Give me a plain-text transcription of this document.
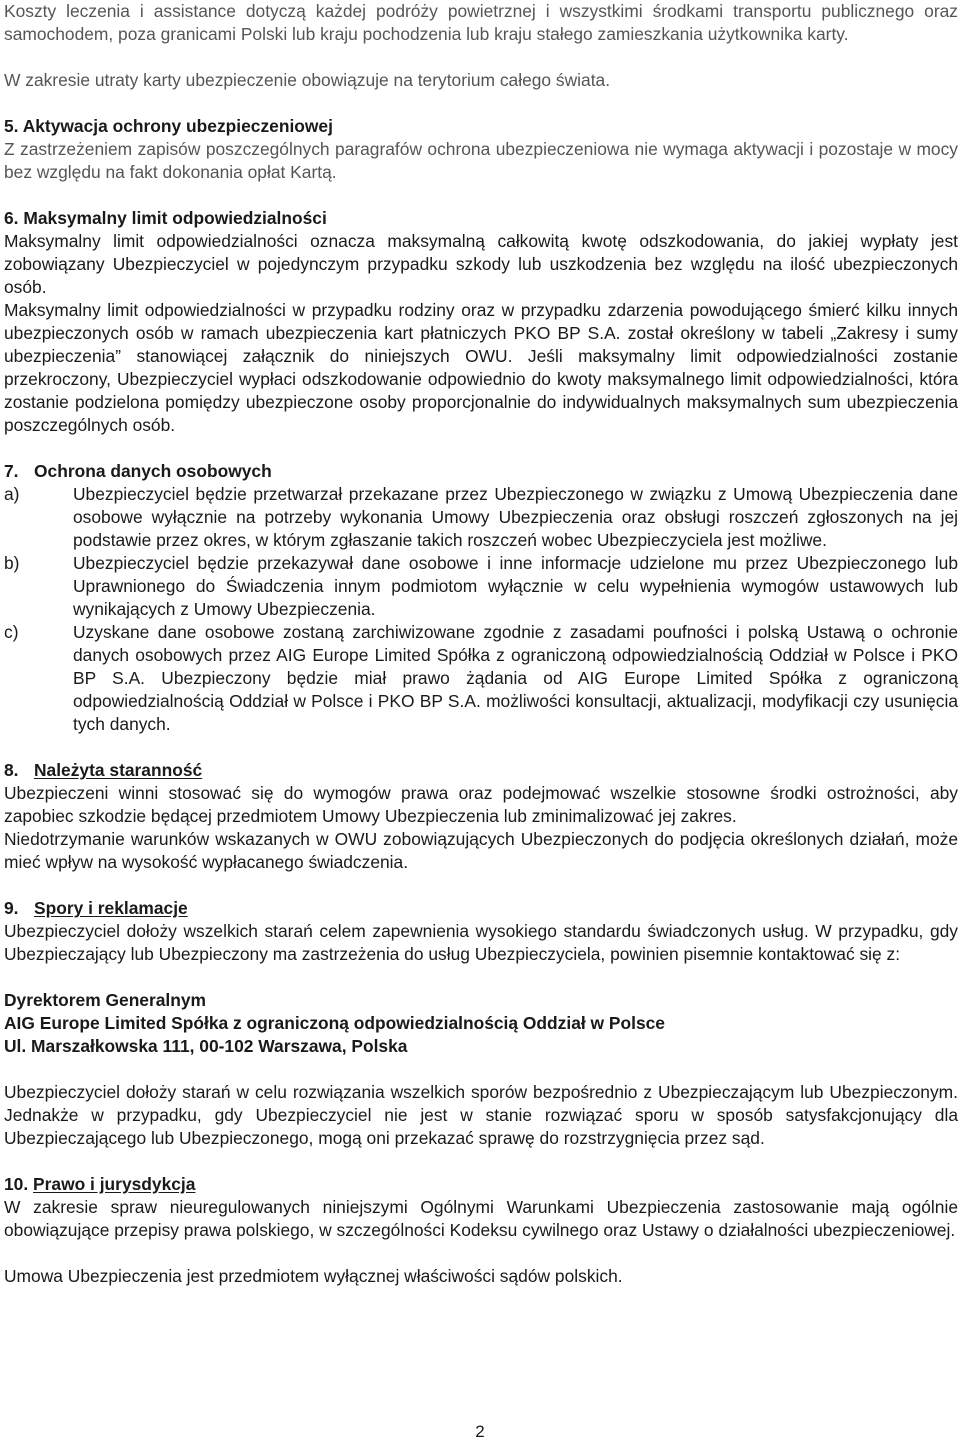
Koszty leczenia i assistance dotyczą każdej podróży powietrznej i wszystkimi środkami transportu publicznego oraz samochodem, poza granicami Polski lub kraju pochodzenia lub kraju stałego zamieszkania użytkownika karty.

W zakresie utraty karty ubezpieczenie obowiązuje na terytorium całego świata.

5. Aktywacja ochrony ubezpieczeniowej

Z zastrzeżeniem zapisów poszczególnych paragrafów ochrona ubezpieczeniowa nie wymaga aktywacji i pozostaje w mocy bez względu na fakt dokonania opłat Kartą.

6. Maksymalny limit odpowiedzialności

Maksymalny limit odpowiedzialności oznacza maksymalną całkowitą kwotę odszkodowania, do jakiej wypłaty jest zobowiązany Ubezpieczyciel w pojedynczym przypadku szkody lub uszkodzenia bez względu na ilość ubezpieczonych osób.

Maksymalny limit odpowiedzialności w przypadku rodziny oraz w przypadku zdarzenia powodującego śmierć kilku innych ubezpieczonych osób w ramach ubezpieczenia kart płatniczych PKO BP S.A. został określony w tabeli „Zakresy i sumy ubezpieczenia” stanowiącej załącznik do niniejszych OWU. Jeśli maksymalny limit odpowiedzialności zostanie przekroczony, Ubezpieczyciel wypłaci odszkodowanie odpowiednio do kwoty maksymalnego limit odpowiedzialności, która zostanie podzielona pomiędzy ubezpieczone osoby proporcjonalnie do indywidualnych maksymalnych sum ubezpieczenia poszczególnych osób.

7. Ochrona danych osobowych

a)	Ubezpieczyciel będzie przetwarzał przekazane przez Ubezpieczonego w związku z Umową Ubezpieczenia dane osobowe wyłącznie na potrzeby wykonania Umowy Ubezpieczenia oraz obsługi roszczeń zgłoszonych na jej podstawie przez okres, w którym zgłaszanie takich roszczeń wobec Ubezpieczyciela jest możliwe.
b)	Ubezpieczyciel będzie przekazywał dane osobowe i inne informacje udzielone mu przez Ubezpieczonego lub Uprawnionego do Świadczenia innym podmiotom wyłącznie w celu wypełnienia wymogów ustawowych lub wynikających z Umowy Ubezpieczenia.
c)	Uzyskane dane osobowe zostaną zarchiwizowane zgodnie z zasadami poufności i polską Ustawą o ochronie danych osobowych przez AIG Europe Limited Spółka z ograniczoną odpowiedzialnością Oddział w Polsce i PKO BP S.A. Ubezpieczony będzie miał prawo żądania od AIG Europe Limited Spółka z ograniczoną odpowiedzialnością Oddział w Polsce i PKO BP S.A. możliwości konsultacji, aktualizacji, modyfikacji czy usunięcia tych danych.

8. Należyta staranność

Ubezpieczeni winni stosować się do wymogów prawa oraz podejmować wszelkie stosowne środki ostrożności, aby zapobiec szkodzie będącej przedmiotem Umowy Ubezpieczenia lub zminimalizować jej zakres.

Niedotrzymanie warunków wskazanych w OWU zobowiązujących Ubezpieczonych do podjęcia określonych działań, może mieć wpływ na wysokość wypłacanego świadczenia.

9. Spory i reklamacje

Ubezpieczyciel dołoży wszelkich starań celem zapewnienia wysokiego standardu świadczonych usług. W przypadku, gdy Ubezpieczający lub Ubezpieczony ma zastrzeżenia do usług Ubezpieczyciela, powinien pisemnie kontaktować się z:

Dyrektorem Generalnym

AIG Europe Limited Spółka z ograniczoną odpowiedzialnością Oddział w Polsce

Ul. Marszałkowska 111, 00-102 Warszawa, Polska

Ubezpieczyciel dołoży starań w celu rozwiązania wszelkich sporów bezpośrednio z Ubezpieczającym lub Ubezpieczonym. Jednakże w przypadku, gdy Ubezpieczyciel nie jest w stanie rozwiązać sporu w sposób satysfakcjonujący dla Ubezpieczającego lub Ubezpieczonego, mogą oni przekazać sprawę do rozstrzygnięcia przez sąd.

10. Prawo i jurysdykcja

W zakresie spraw nieuregulowanych niniejszymi Ogólnymi Warunkami Ubezpieczenia zastosowanie mają ogólnie obowiązujące przepisy prawa polskiego, w szczególności Kodeksu cywilnego oraz Ustawy o działalności ubezpieczeniowej.

Umowa Ubezpieczenia jest przedmiotem wyłącznej właściwości sądów polskich.

2
